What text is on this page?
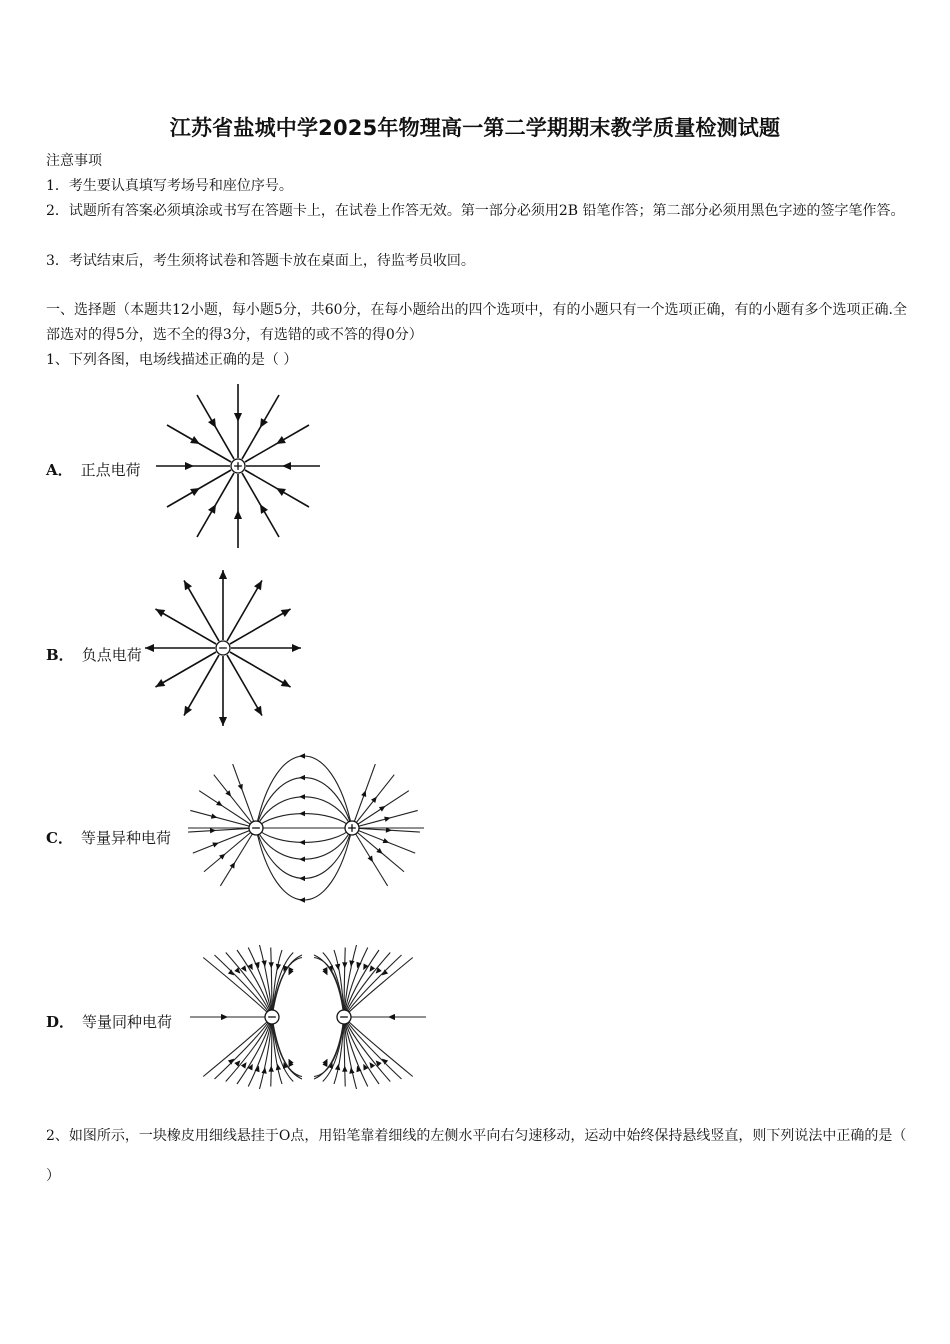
江苏省盐城中学2025年物理高一第二学期期末教学质量检测试题
注意事项
1．考生要认真填写考场号和座位序号。
2．试题所有答案必须填涂或书写在答题卡上，在试卷上作答无效。第一部分必须用2B 铅笔作答；第二部分必须用黑色字迹的签字笔作答。
3．考试结束后，考生须将试卷和答题卡放在桌面上，待监考员收回。
一、选择题（本题共12小题，每小题5分，共60分，在每小题给出的四个选项中，有的小题只有一个选项正确，有的小题有多个选项正确.全部选对的得5分，选不全的得3分，有选错的或不答的得0分）
1、下列各图，电场线描述正确的是（ ）
A． 正点电荷
B． 负点电荷
C． 等量异种电荷
D． 等量同种电荷
2、如图所示，一块橡皮用细线悬挂于O点，用铅笔靠着细线的左侧水平向右匀速移动，运动中始终保持悬线竖直，则下列说法中正确的是（ ）
